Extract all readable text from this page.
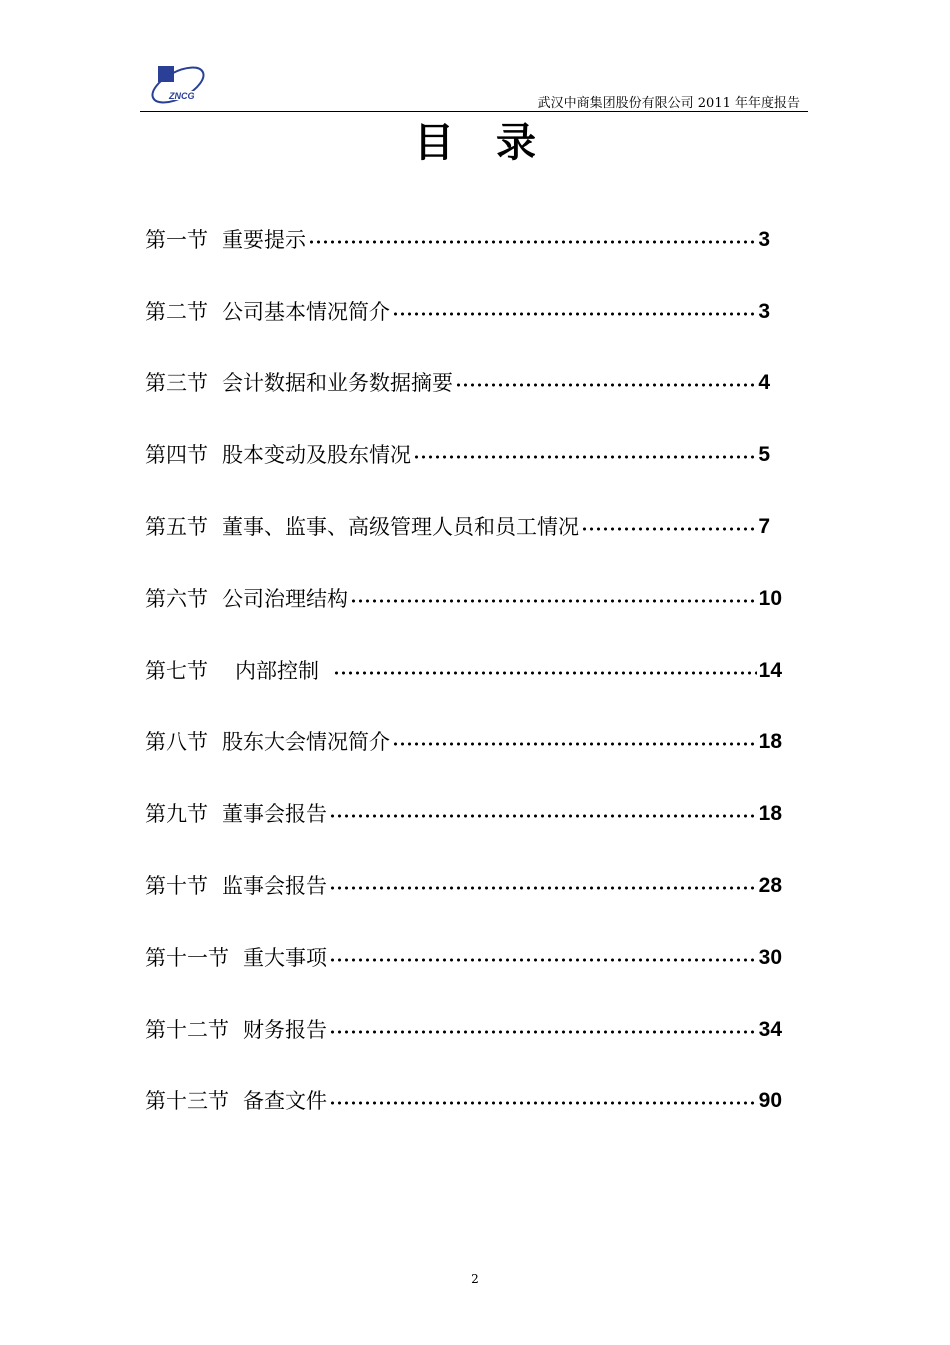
ZNCG	武汉中商集团股份有限公司 2011 年年度报告
目录
第一节 重要提示	3
第二节 公司基本情况简介	3
第三节 会计数据和业务数据摘要	4
第四节 股本变动及股东情况	5
第五节 董事、监事、高级管理人员和员工情况	7
第六节 公司治理结构	10
第七节 内部控制	14
第八节 股东大会情况简介	18
第九节 董事会报告	18
第十节 监事会报告	28
第十一节 重大事项	30
第十二节 财务报告	34
第十三节 备查文件	90
2
